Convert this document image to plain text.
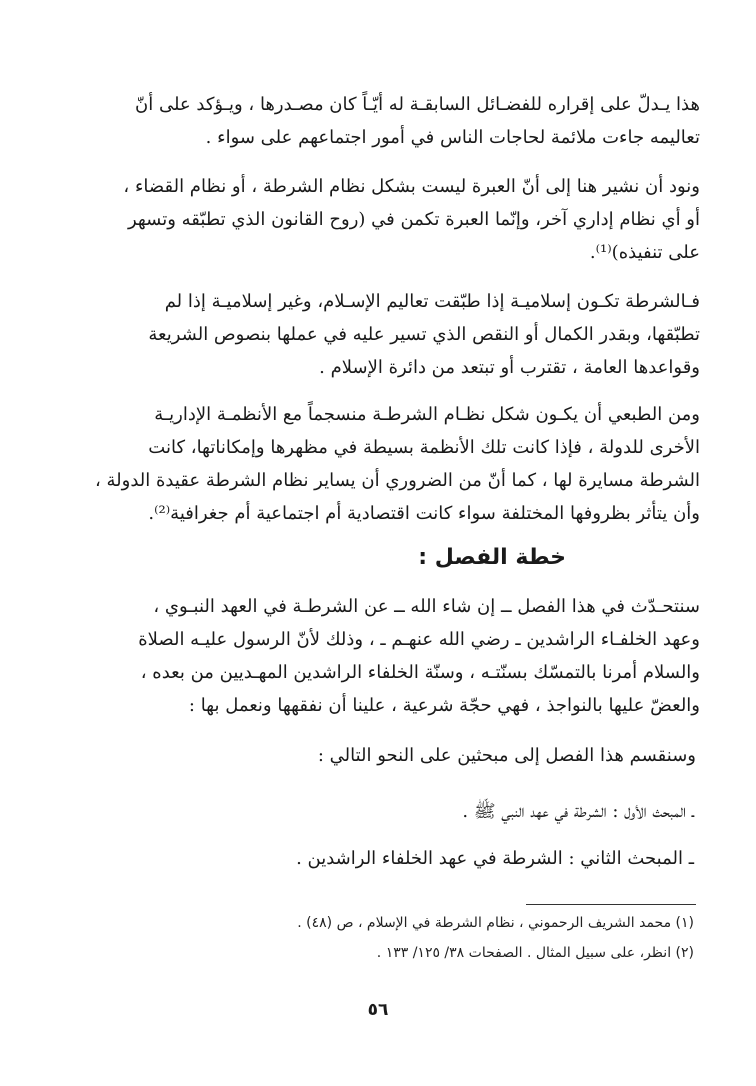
هذا يـدلّ على إقراره للفضـائل السابقـة له أيّـاً كان مصـدرها ، ويـؤكد على أنّ
تعاليمه جاءت ملائمة لحاجات الناس في أمور اجتماعهم على سواء .
ونود أن نشير هنا إلى أنّ العبرة ليست بشكل نظام الشرطة ، أو نظام القضاء ،
أو أي نظام إداري آخر، وإنّما العبرة تكمن في (روح القانون الذي تطبّقه وتسهر
على تنفيذه)⁽¹⁾.
فـالشرطة تكـون إسلاميـة إذا طبّقت تعاليم الإسـلام، وغير إسلاميـة إذا لم
تطبّقها، وبقدر الكمال أو النقص الذي تسير عليه في عملها بنصوص الشريعة
وقواعدها العامة ، تقترب أو تبتعد من دائرة الإسلام .
ومن الطبعي أن يكـون شكل نظـام الشرطـة منسجماً مع الأنظمـة الإداريـة
الأخرى للدولة ، فإذا كانت تلك الأنظمة بسيطة في مظهرها وإمكاناتها، كانت
الشرطة مسايرة لها ، كما أنّ من الضروري أن يساير نظام الشرطة عقيدة الدولة ،
وأن يتأثر بظروفها المختلفة سواء كانت اقتصادية أم اجتماعية أم جغرافية⁽²⁾.
خطة الفصل :
سنتحـدّث في هذا الفصل ــ إن شاء الله ــ عن الشرطـة في العهد النبـوي ،
وعهد الخلفـاء الراشدين ـ رضي الله عنهـم ـ ، وذلك لأنّ الرسول عليـه الصلاة
والسلام أمرنا بالتمسّك بسنّتـه ، وسنّة الخلفاء الراشدين المهـديين من بعده ،
والعضّ عليها بالنواجذ ، فهي حجّة شرعية ، علينا أن نفقهها ونعمل بها :
وسنقسم هذا الفصل إلى مبحثين على النحو التالي :
ـ المبحث الأول : الشرطة في عهد النبي ﷺ .
ـ المبحث الثاني : الشرطة في عهد الخلفاء الراشدين .
(١) محمد الشريف الرحموني ، نظام الشرطة في الإسلام ، ص (٤٨) .
(٢) انظر، على سبيل المثال . الصفحات ٣٨/ ١٢٥/ ١٣٣ .
٥٦
